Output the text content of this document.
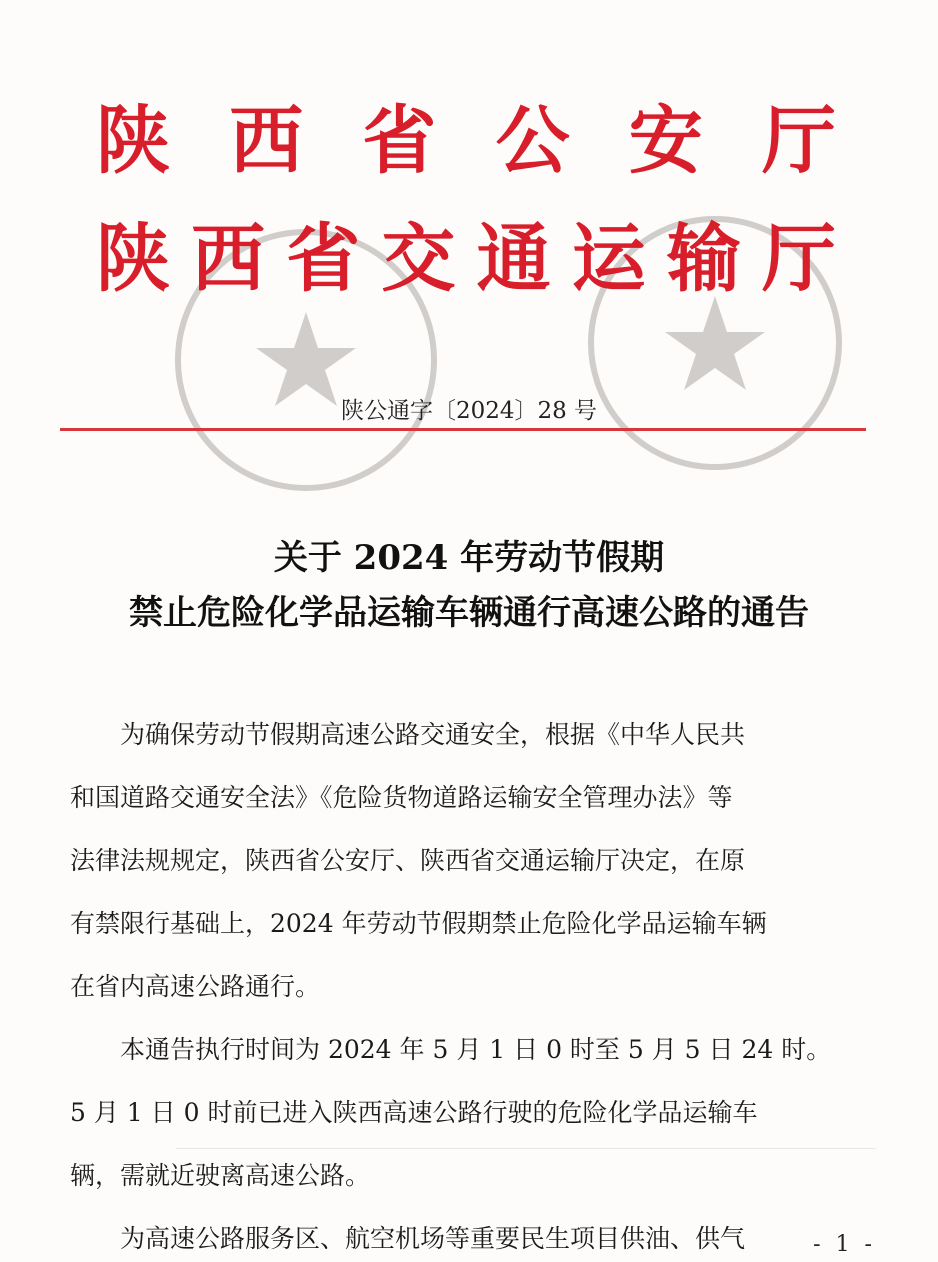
陕 西 省 公 安 厅
陕 西 省 交 通 运 输 厅
陕公通字〔2024〕28 号
关于 2024 年劳动节假期
禁止危险化学品运输车辆通行高速公路的通告

为确保劳动节假期高速公路交通安全，根据《中华人民共
和国道路交通安全法》《危险货物道路运输安全管理办法》等
法律法规规定，陕西省公安厅、陕西省交通运输厅决定，在原
有禁限行基础上，2024 年劳动节假期禁止危险化学品运输车辆
在省内高速公路通行。

本通告执行时间为 2024 年 5 月 1 日 0 时至 5 月 5 日 24 时。
5 月 1 日 0 时前已进入陕西高速公路行驶的危险化学品运输车
辆，需就近驶离高速公路。

为高速公路服务区、航空机场等重要民生项目供油、供气	- 1 -
